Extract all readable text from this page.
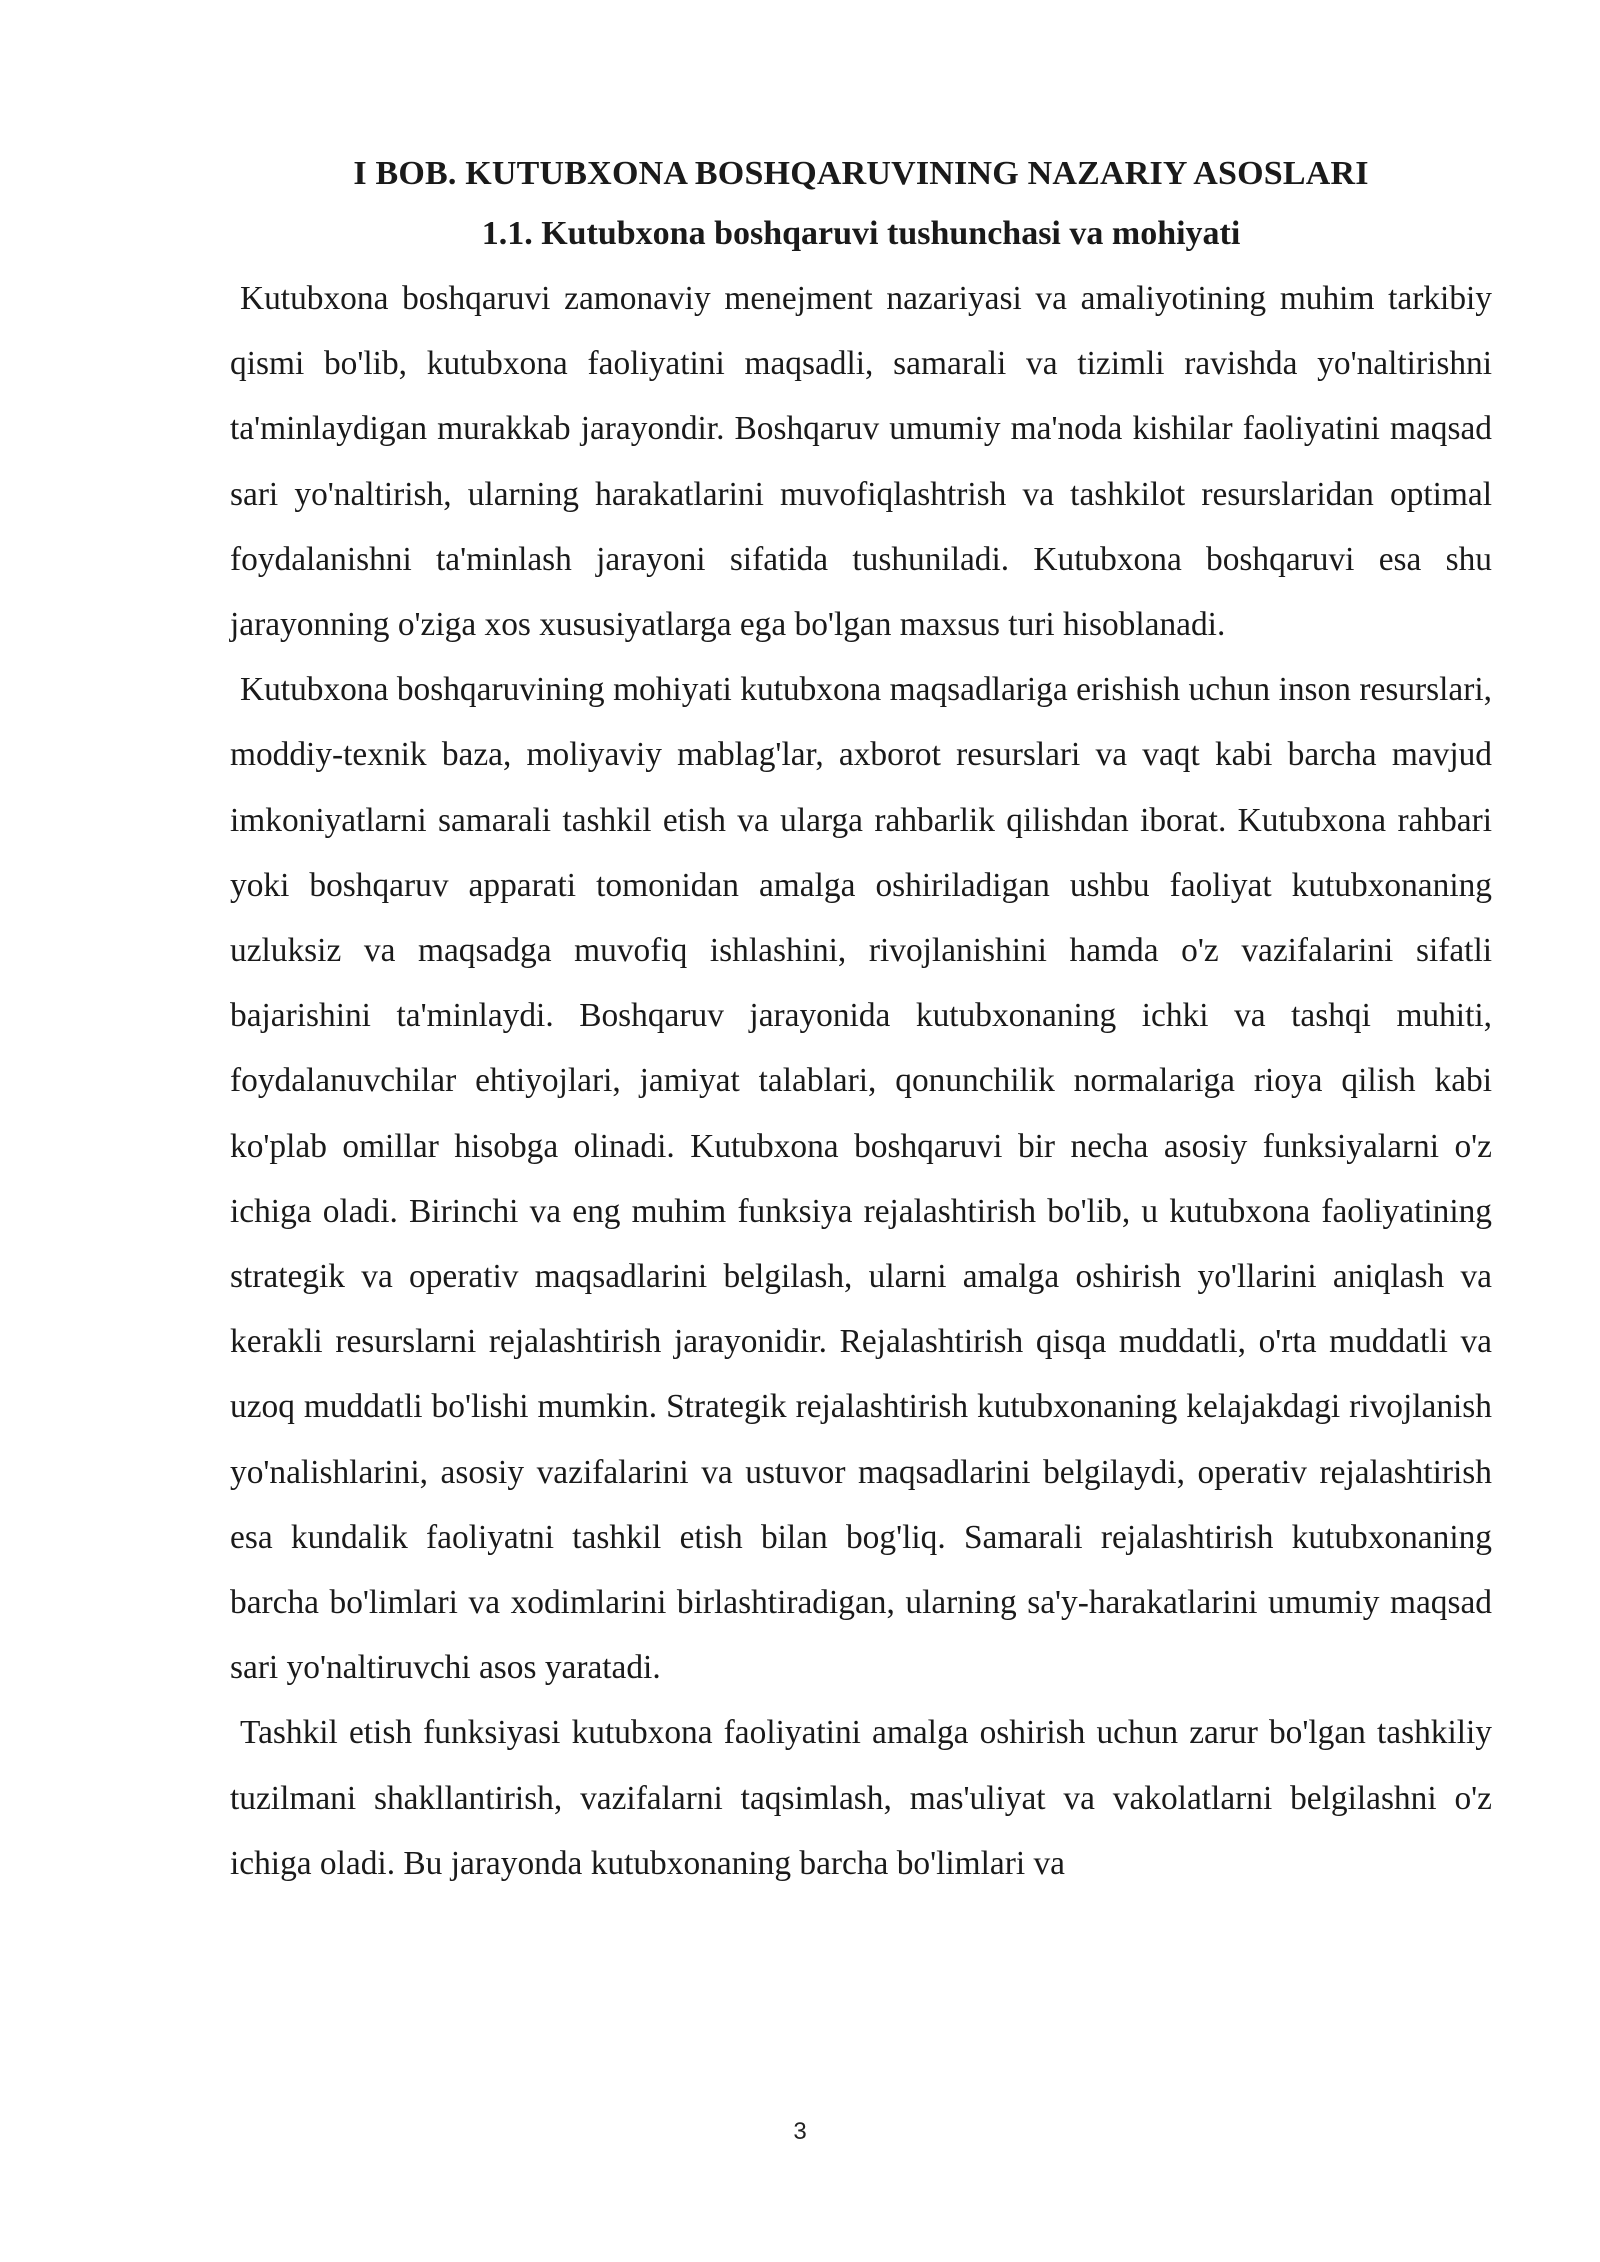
I BOB. KUTUBXONA BOSHQARUVINING NAZARIY ASOSLARI
1.1. Kutubxona boshqaruvi tushunchasi va mohiyati

Kutubxona boshqaruvi zamonaviy menejment nazariyasi va amaliyotining muhim tarkibiy qismi bo'lib, kutubxona faoliyatini maqsadli, samarali va tizimli ravishda yo'naltirishni ta'minlaydigan murakkab jarayondir. Boshqaruv umumiy ma'noda kishilar faoliyatini maqsad sari yo'naltirish, ularning harakatlarini muvofiqlashtrish va tashkilot resurslaridan optimal foydalanishni ta'minlash jarayoni sifatida tushuniladi. Kutubxona boshqaruvi esa shu jarayonning o'ziga xos xususiyatlarga ega bo'lgan maxsus turi hisoblanadi.

Kutubxona boshqaruvining mohiyati kutubxona maqsadlariga erishish uchun inson resurslari, moddiy-texnik baza, moliyaviy mablag'lar, axborot resurslari va vaqt kabi barcha mavjud imkoniyatlarni samarali tashkil etish va ularga rahbarlik qilishdan iborat. Kutubxona rahbari yoki boshqaruv apparati tomonidan amalga oshiriladigan ushbu faoliyat kutubxonaning uzluksiz va maqsadga muvofiq ishlashini, rivojlanishini hamda o'z vazifalarini sifatli bajarishini ta'minlaydi. Boshqaruv jarayonida kutubxonaning ichki va tashqi muhiti, foydalanuvchilar ehtiyojlari, jamiyat talablari, qonunchilik normalariga rioya qilish kabi ko'plab omillar hisobga olinadi. Kutubxona boshqaruvi bir necha asosiy funksiyalarni o'z ichiga oladi. Birinchi va eng muhim funksiya rejalashtirish bo'lib, u kutubxona faoliyatining strategik va operativ maqsadlarini belgilash, ularni amalga oshirish yo'llarini aniqlash va kerakli resurslarni rejalashtirish jarayonidir. Rejalashtirish qisqa muddatli, o'rta muddatli va uzoq muddatli bo'lishi mumkin. Strategik rejalashtirish kutubxonaning kelajakdagi rivojlanish yo'nalishlarini, asosiy vazifalarini va ustuvor maqsadlarini belgilaydi, operativ rejalashtirish esa kundalik faoliyatni tashkil etish bilan bog'liq. Samarali rejalashtirish kutubxonaning barcha bo'limlari va xodimlarini birlashtiradigan, ularning sa'y-harakatlarini umumiy maqsad sari yo'naltiruvchi asos yaratadi.

Tashkil etish funksiyasi kutubxona faoliyatini amalga oshirish uchun zarur bo'lgan tashkiliy tuzilmani shakllantirish, vazifalarni taqsimlash, mas'uliyat va vakolatlarni belgilashni o'z ichiga oladi. Bu jarayonda kutubxonaning barcha bo'limlari va

3
